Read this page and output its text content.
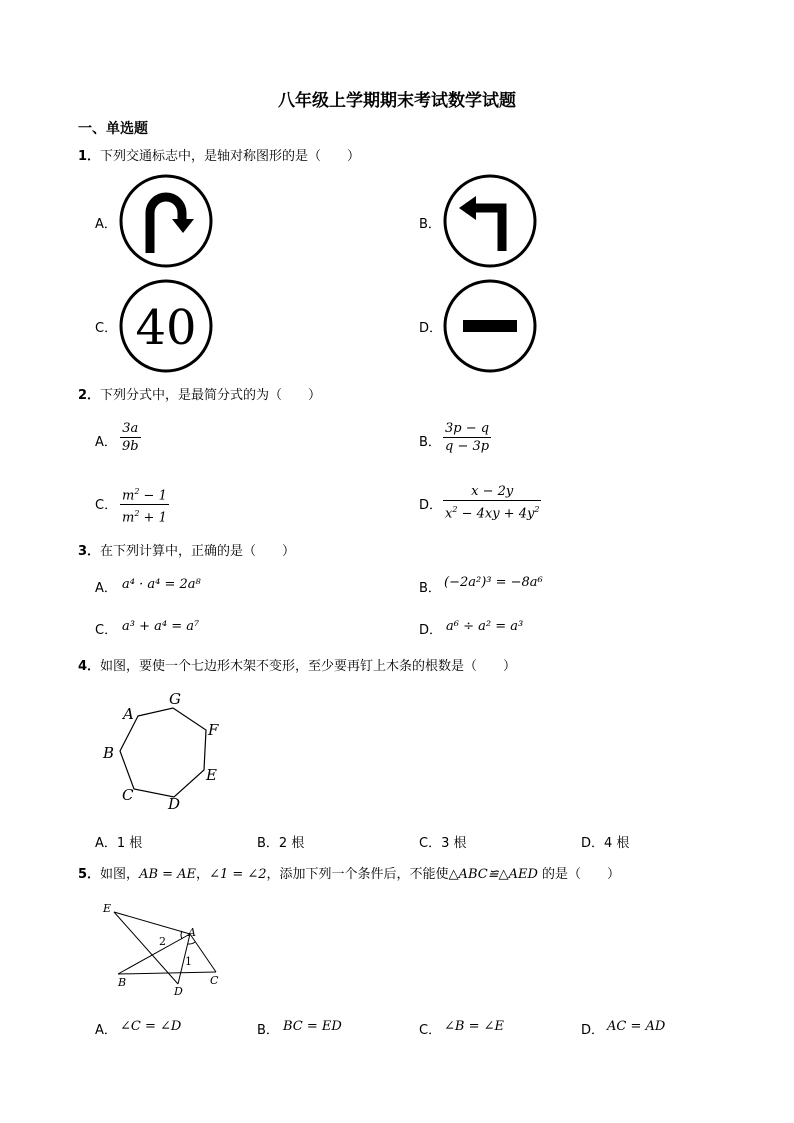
八年级上学期期末考试数学试题
一、单选题
1．下列交通标志中，是轴对称图形的是（　　）
A．	B．
C． 40	D．
2．下列分式中，是最简分式的为（　　）
A． $\frac{3a}{9b}$	B． $\frac{3p - q}{q - 3p}$
C． $\frac{m^2 - 1}{m^2 + 1}$	D． $\frac{x - 2y}{x^2 - 4xy + 4y^2}$
3．在下列计算中，正确的是（　　）
A． a⁴ · a⁴ = 2a⁸	B． (−2a²)³ = −8a⁶
C． a³ + a⁴ = a⁷	D． a⁶ ÷ a² = a³
4．如图，要使一个七边形木架不变形，至少要再钉上木条的根数是（　　）
A
B
C D
E
F
G
A．1 根	B．2 根	C．3 根	D．4 根
5．如图，AB = AE，∠1 = ∠2，添加下列一个条件后，不能使△ABC≌△AED 的是（　　）
E
A
2
1
B
D
C
A． ∠C = ∠D	B． BC = ED	C． ∠B = ∠E	D． AC = AD
